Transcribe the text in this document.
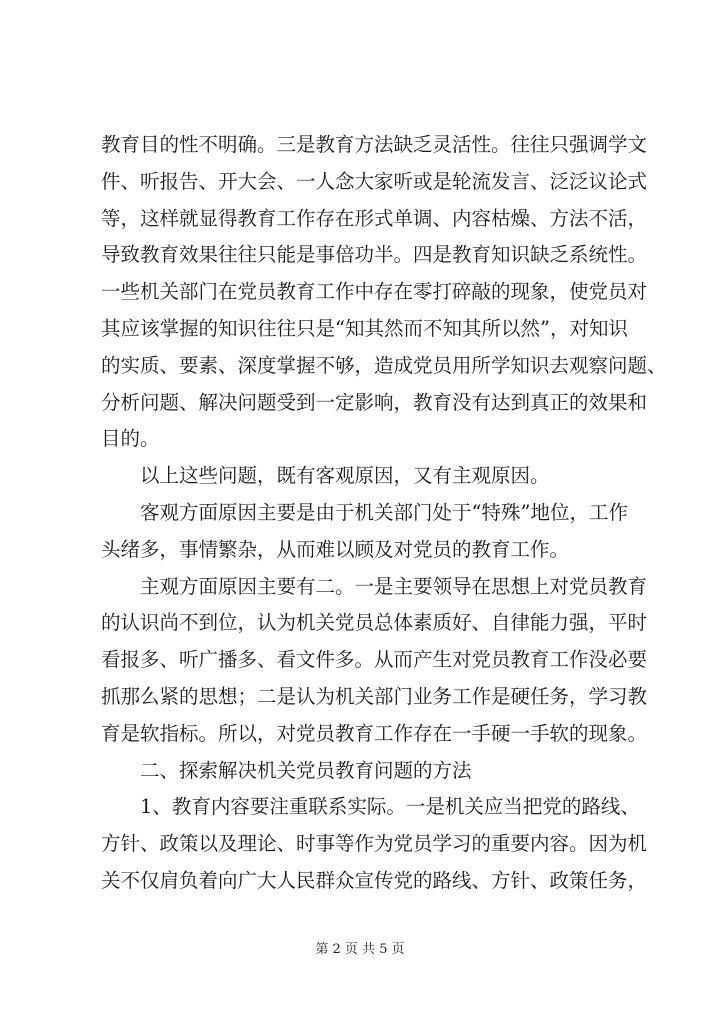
教育目的性不明确。三是教育方法缺乏灵活性。往往只强调学文
件、听报告、开大会、一人念大家听或是轮流发言、泛泛议论式
等，这样就显得教育工作存在形式单调、内容枯燥、方法不活，
导致教育效果往往只能是事倍功半。四是教育知识缺乏系统性。
一些机关部门在党员教育工作中存在零打碎敲的现象，使党员对
其应该掌握的知识往往只是“知其然而不知其所以然”，对知识
的实质、要素、深度掌握不够，造成党员用所学知识去观察问题、
分析问题、解决问题受到一定影响，教育没有达到真正的效果和
目的。
　　以上这些问题，既有客观原因，又有主观原因。
　　客观方面原因主要是由于机关部门处于“特殊”地位，工作
头绪多，事情繁杂，从而难以顾及对党员的教育工作。
　　主观方面原因主要有二。一是主要领导在思想上对党员教育
的认识尚不到位，认为机关党员总体素质好、自律能力强，平时
看报多、听广播多、看文件多。从而产生对党员教育工作没必要
抓那么紧的思想；二是认为机关部门业务工作是硬任务，学习教
育是软指标。所以，对党员教育工作存在一手硬一手软的现象。
　　二、探索解决机关党员教育问题的方法
　　1、教育内容要注重联系实际。一是机关应当把党的路线、
方针、政策以及理论、时事等作为党员学习的重要内容。因为机
关不仅肩负着向广大人民群众宣传党的路线、方针、政策任务，
第 2 页 共 5 页
